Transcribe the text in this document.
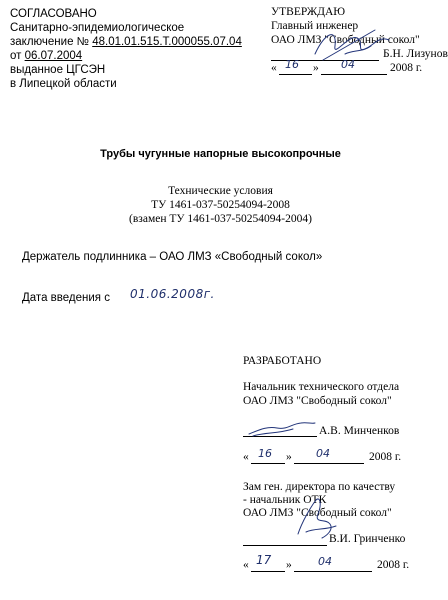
СОГЛАСОВАНО
Санитарно-эпидемиологическое
заключение № 48.01.01.515.Т.000055.07.04
от 06.07.2004
выданное ЦГСЭН
в Липецкой области
УТВЕРЖДАЮ
Главный инженер
ОАО ЛМЗ "Свободный сокол"
Б.Н. Лизунов
« 16 » 04	2008 г.
Трубы чугунные напорные высокопрочные
Технические условия
ТУ 1461-037-50254094-2008
(взамен ТУ 1461-037-50254094-2004)
Держатель подлинника – ОАО ЛМЗ «Свободный сокол»
Дата введения с 01.06.2008г.
РАЗРАБОТАНО
Начальник технического отдела
ОАО ЛМЗ "Свободный сокол"
А.В. Минченков
« 16 » 04	2008 г.
Зам ген. директора по качеству
- начальник ОТК
ОАО ЛМЗ "Свободный сокол"
В.И. Гринченко
« 17 » 04	2008 г.
